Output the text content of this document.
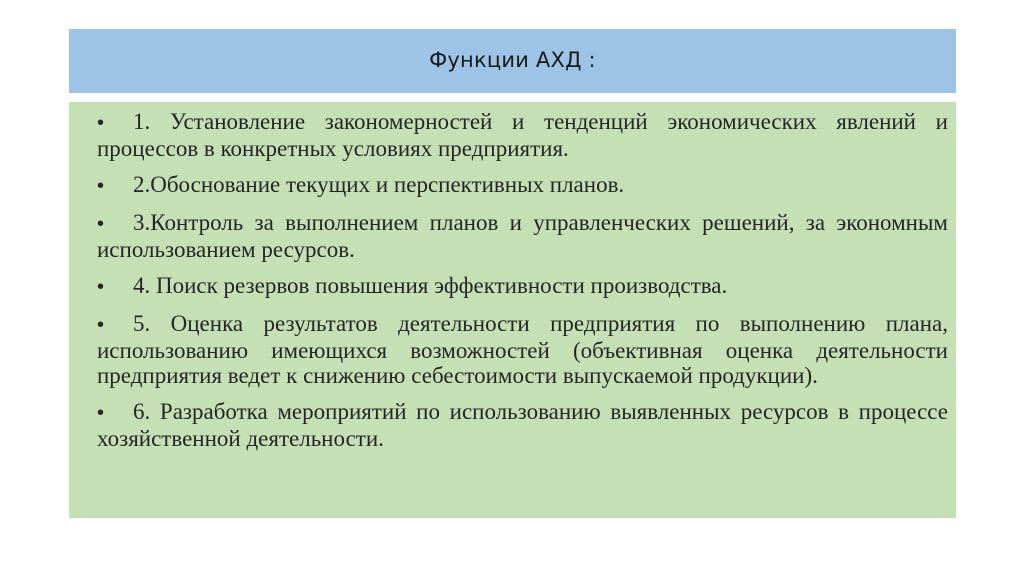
Функции АХД :
• 1. Установление закономерностей и тенденций экономических явлений и процессов в конкретных условиях предприятия.
• 2.Обоснование текущих и перспективных планов.
• 3.Контроль за выполнением планов и управленческих решений, за экономным использованием ресурсов.
• 4. Поиск резервов повышения эффективности производства.
• 5. Оценка результатов деятельности предприятия по выполнению плана, использованию имеющихся возможностей (объективная оценка деятельности предприятия ведет к снижению себестоимости выпускаемой продукции).
• 6. Разработка мероприятий по использованию выявленных ресурсов в процессе хозяйственной деятельности.
